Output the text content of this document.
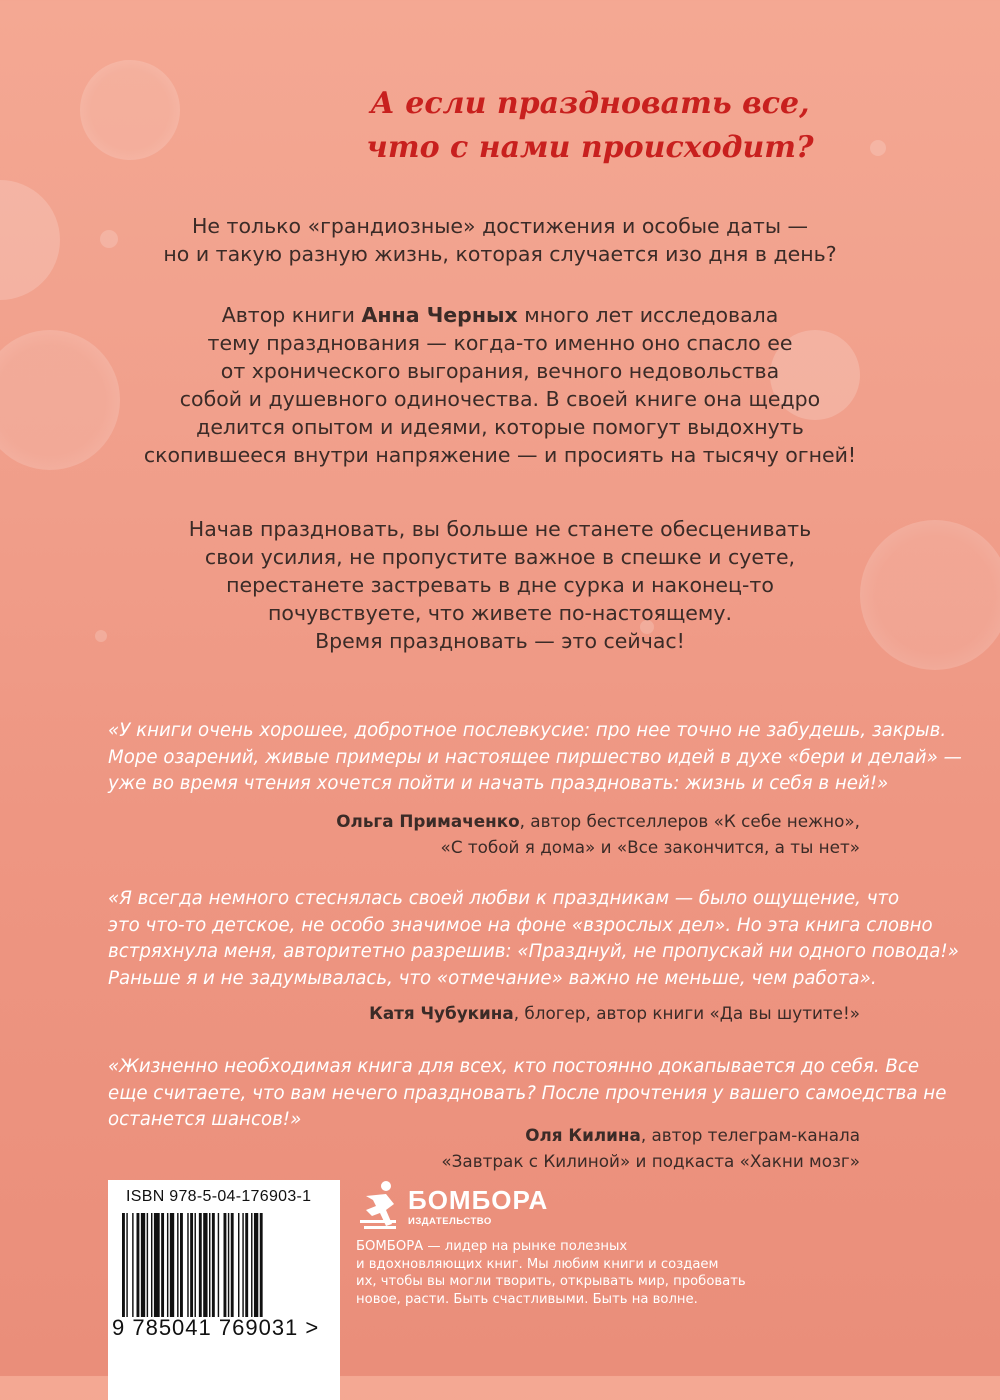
А если праздновать все,
что с нами происходит?
Не только «грандиозные» достижения и особые даты —
но и такую разную жизнь, которая случается изо дня в день?
Автор книги Анна Черных много лет исследовала
тему празднования — когда-то именно оно спасло ее
от хронического выгорания, вечного недовольства
собой и душевного одиночества. В своей книге она щедро
делится опытом и идеями, которые помогут выдохнуть
скопившееся внутри напряжение — и просиять на тысячу огней!
Начав праздновать, вы больше не станете обесценивать
свои усилия, не пропустите важное в спешке и суете,
перестанете застревать в дне сурка и наконец-то
почувствуете, что живете по-настоящему.
Время праздновать — это сейчас!
«У книги очень хорошее, добротное послевкусие: про нее точно не забудешь, закрыв.
Море озарений, живые примеры и настоящее пиршество идей в духе «бери и делай» —
уже во время чтения хочется пойти и начать праздновать: жизнь и себя в ней!»
Ольга Примаченко, автор бестселлеров «К себе нежно»,
«С тобой я дома» и «Все закончится, а ты нет»
«Я всегда немного стеснялась своей любви к праздникам — было ощущение, что
это что-то детское, не особо значимое на фоне «взрослых дел». Но эта книга словно
встряхнула меня, авторитетно разрешив: «Празднуй, не пропускай ни одного повода!»
Раньше я и не задумывалась, что «отмечание» важно не меньше, чем работа».
Катя Чубукина, блогер, автор книги «Да вы шутите!»
«Жизненно необходимая книга для всех, кто постоянно докапывается до себя. Все
еще считаете, что вам нечего праздновать? После прочтения у вашего самоедства не
останется шансов!»
Оля Килина, автор телеграм-канала
«Завтрак с Килиной» и подкаста «Хакни мозг»
ISBN 978-5-04-176903-1
9 785041 769031 >
БОМБОРА
ИЗДАТЕЛЬСТВО
БОМБОРА — лидер на рынке полезных
и вдохновляющих книг. Мы любим книги и создаем
их, чтобы вы могли творить, открывать мир, пробовать
новое, расти. Быть счастливыми. Быть на волне.
